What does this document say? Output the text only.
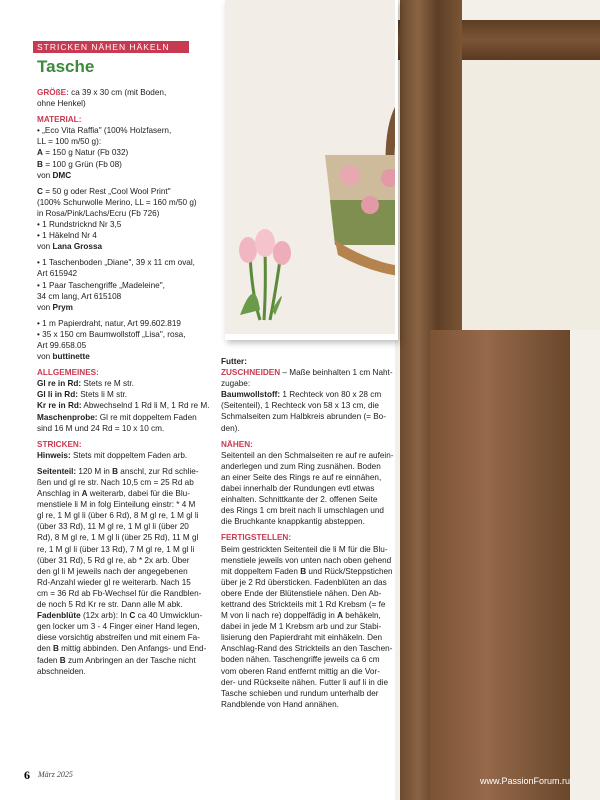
STRICKEN NÄHEN HÄKELN
Tasche

GRÖßE: ca 39 x 30 cm (mit Boden,

ohne Henkel)

MATERIAL:

• „Eco Vita Raffia" (100% Holzfasern,

LL = 100 m/50 g):

A = 150 g Natur (Fb 032)

B = 100 g Grün (Fb 08)

von DMC

C = 50 g oder Rest „Cool Wool Print"

(100% Schurwolle Merino, LL = 160 m/50 g)

in Rosa/Pink/Lachs/Ecru (Fb 726)

• 1 Rundstricknd Nr 3,5

• 1 Häkelnd Nr 4

von Lana Grossa

• 1 Taschenboden „Diane", 39 x 11 cm oval,

Art 615942

• 1 Paar Taschengriffe „Madeleine",

34 cm lang, Art 615108

von Prym

• 1 m Papierdraht, natur, Art 99.602.819

• 35 x 150 cm Baumwollstoff „Lisa", rosa,

Art 99.658.05

von buttinette

ALLGEMEINES:

Gl re in Rd: Stets re M str.

Gl li in Rd: Stets li M str.

Kr re in Rd: Abwechselnd 1 Rd li M, 1 Rd re M.

Maschenprobe: Gl re mit doppeltem Faden

sind 16 M und 24 Rd = 10 x 10 cm.

STRICKEN:

Hinweis: Stets mit doppeltem Faden arb.

Seitenteil: 120 M in B anschl, zur Rd schlie-

ßen und gl re str. Nach 10,5 cm = 25 Rd ab

Anschlag in A weiterarb, dabei für die Blu-

menstiele li M in folg Einteilung einstr: * 4 M

gl re, 1 M gl li (über 6 Rd), 8 M gl re, 1 M gl li

(über 33 Rd), 11 M gl re, 1 M gl li (über 20

Rd), 8 M gl re, 1 M gl li (über 25 Rd), 11 M gl

re, 1 M gl li (über 13 Rd), 7 M gl re, 1 M gl li

(über 31 Rd), 5 Rd gl re, ab * 2x arb. Über

den gl li M jeweils nach der angegebenen

Rd-Anzahl wieder gl re weiterarb. Nach 15

cm = 36 Rd ab Fb-Wechsel für die Randblen-

de noch 5 Rd Kr re str. Dann alle M abk.

Fadenblüte (12x arb): In C ca 40 Umwicklun-

gen locker um 3 - 4 Finger einer Hand legen,

diese vorsichtig abstreifen und mit einem Fa-

den B mittig abbinden. Den Anfangs- und End-

faden B zum Anbringen an der Tasche nicht

abschneiden.

Futter:

ZUSCHNEIDEN – Maße beinhalten 1 cm Naht-

zugabe:

Baumwollstoff: 1 Rechteck von 80 x 28 cm

(Seitenteil), 1 Rechteck von 58 x 13 cm, die

Schmalseiten zum Halbkreis abrunden (= Bo-

den).

NÄHEN:

Seitenteil an den Schmalseiten re auf re aufein-

anderlegen und zum Ring zusnähen. Boden

an einer Seite des Rings re auf re einnähen,

dabei innerhalb der Rundungen evtl etwas

einhalten. Schnittkante der 2. offenen Seite

des Rings 1 cm breit nach li umschlagen und

die Bruchkante knappkantig absteppen.

FERTIGSTELLEN:

Beim gestrickten Seitenteil die li M für die Blu-

menstiele jeweils von unten nach oben gehend

mit doppeltem Faden B und Rück/Steppstichen

über je 2 Rd übersticken. Fadenblüten an das

obere Ende der Blütenstiele nähen. Den Ab-

kettrand des Strickteils mit 1 Rd Krebsm (= fe

M von li nach re) doppelfädig in A behäkeln,

dabei in jede M 1 Krebsm arb und zur Stabi-

lisierung den Papierdraht mit einhäkeln. Den

Anschlag-Rand des Strickteils an den Taschen-

boden nähen. Taschengriffe jeweils ca 6 cm

vom oberen Rand entfernt mittig an die Vor-

der- und Rückseite nähen. Futter li auf li in die

Tasche schieben und rundum unterhalb der

Randblende von Hand annähen.

6 März 2025
www.PassionForum.ru
